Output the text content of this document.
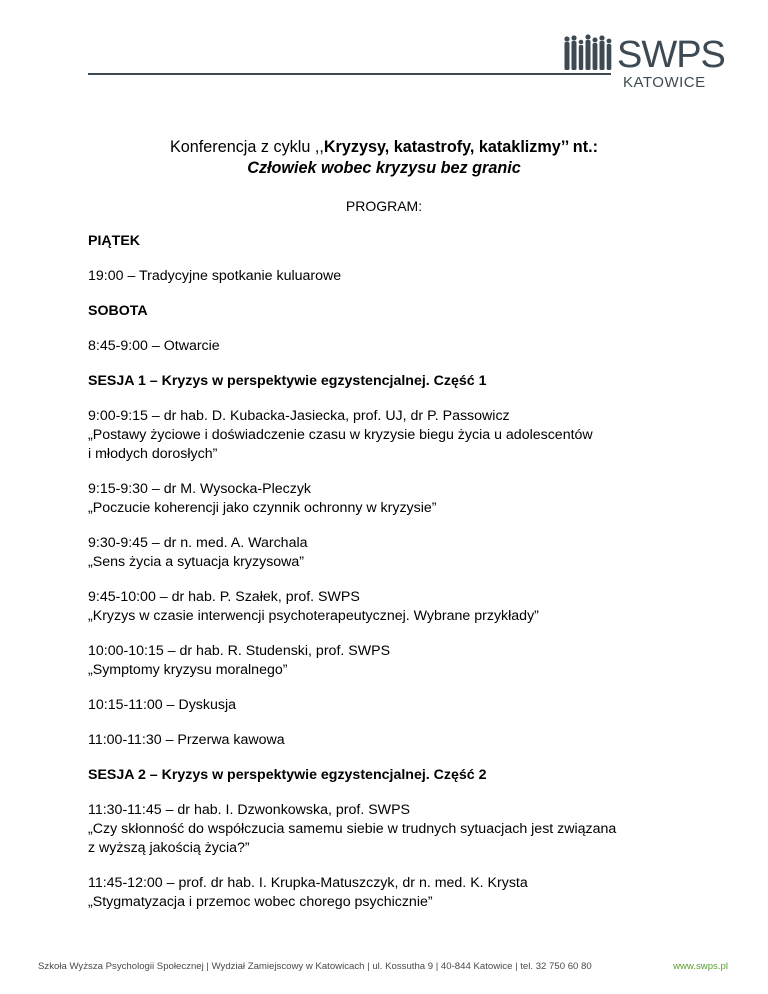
SWPS
KATOWICE
Konferencja z cyklu ,,Kryzysy, katastrofy, kataklizmy’’ nt.:
Człowiek wobec kryzysu bez granic
PROGRAM:
PIĄTEK
19:00 – Tradycyjne spotkanie kuluarowe
SOBOTA
8:45-9:00 – Otwarcie
SESJA 1 – Kryzys w perspektywie egzystencjalnej. Część 1
9:00-9:15 – dr hab. D. Kubacka-Jasiecka, prof. UJ, dr P. Passowicz
„Postawy życiowe i doświadczenie czasu w kryzysie biegu życia u adolescentów
i młodych dorosłych”
9:15-9:30 – dr M. Wysocka-Pleczyk
„Poczucie koherencji jako czynnik ochronny w kryzysie”
9:30-9:45 – dr n. med. A. Warchala
„Sens życia a sytuacja kryzysowa”
9:45-10:00 – dr hab. P. Szałek, prof. SWPS
„Kryzys w czasie interwencji psychoterapeutycznej. Wybrane przykłady”
10:00-10:15 – dr hab. R. Studenski, prof. SWPS
„Symptomy kryzysu moralnego”
10:15-11:00 – Dyskusja
11:00-11:30 – Przerwa kawowa
SESJA 2 – Kryzys w perspektywie egzystencjalnej. Część 2
11:30-11:45 – dr hab. I. Dzwonkowska, prof. SWPS
„Czy skłonność do współczucia samemu siebie w trudnych sytuacjach jest związana
z wyższą jakością życia?”
11:45-12:00 – prof. dr hab. I. Krupka-Matuszczyk, dr n. med. K. Krysta
„Stygmatyzacja i przemoc wobec chorego psychicznie”
Szkoła Wyższa Psychologii Społecznej | Wydział Zamiejscowy w Katowicach | ul. Kossutha 9 | 40-844 Katowice | tel. 32 750 60 80	www.swps.pl
